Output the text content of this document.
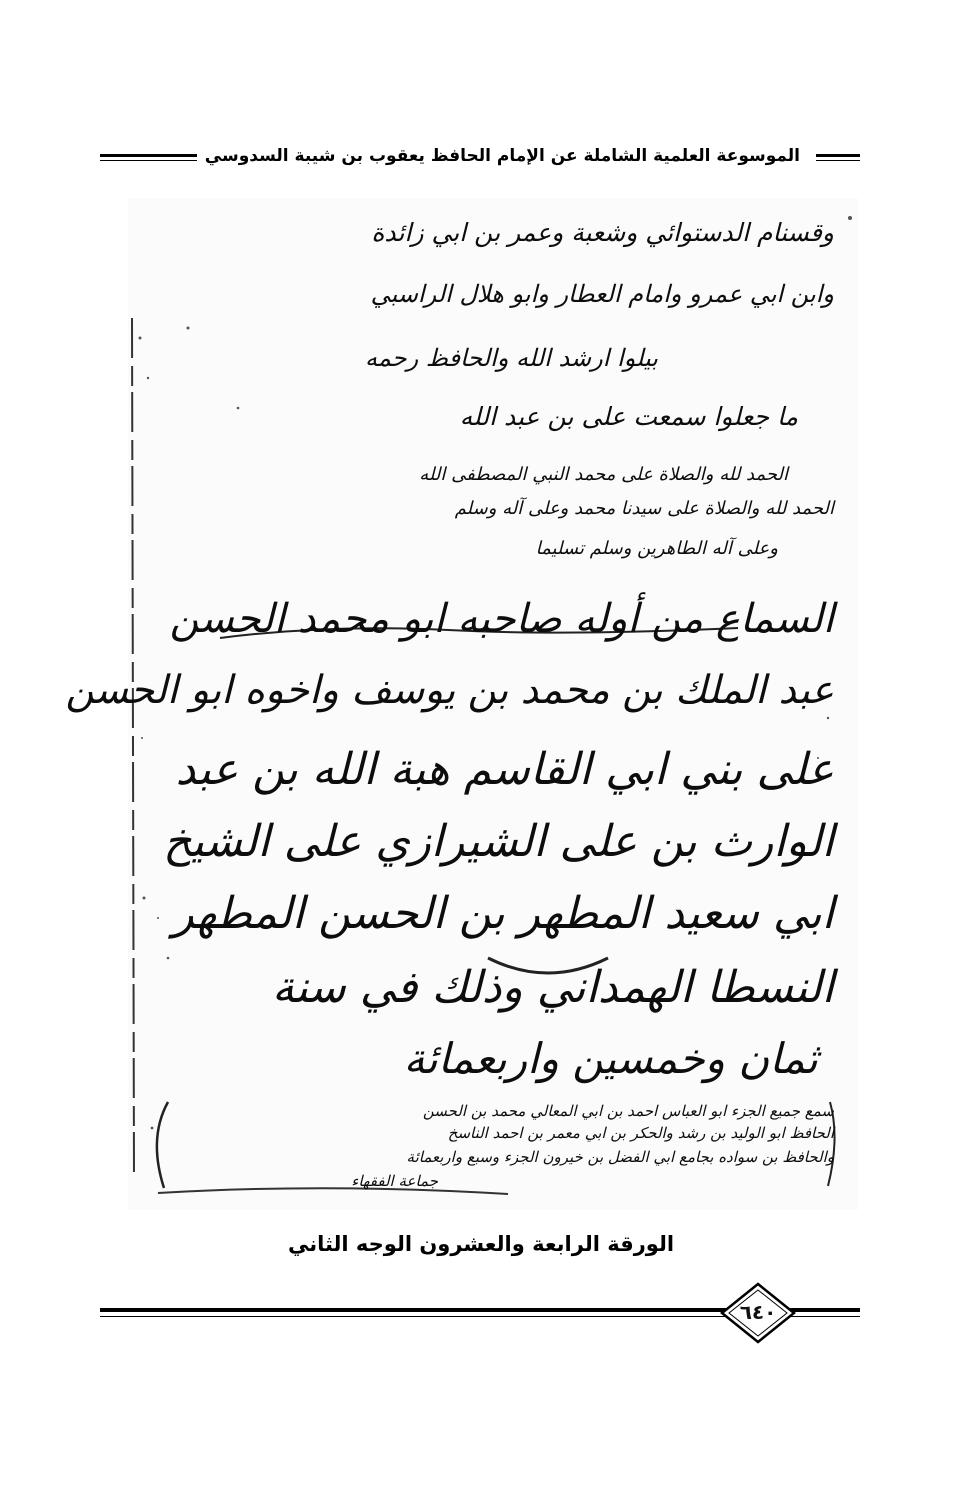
الموسوعة العلمية الشاملة عن الإمام الحافظ يعقوب بن شيبة السدوسي
وقسنام الدستوائي وشعبة وعمر بن ابي زائدة
وابن ابي عمرو وامام العطار وابو هلال الراسبي
بيلوا ارشد الله والحافظ رحمه
ما جعلوا سمعت على بن عبد الله
الحمد لله والصلاة على محمد النبي المصطفى الله
الحمد لله والصلاة على سيدنا محمد وعلى آله وسلم
وعلى آله الطاهرين وسلم تسليما
السماع من أوله صاحبه ابو محمد الحسن
عبد الملك بن محمد بن يوسف واخوه ابو الحسن
على بني ابي القاسم هبة الله بن عبد
الوارث بن على الشيرازي على الشيخ
ابي سعيد المطهر بن الحسن المطهر
النسطا الهمداني وذلك في سنة
ثمان وخمسين واربعمائة
سمع جميع الجزء ابو العباس احمد بن ابي المعالي محمد بن الحسن
الحافظ ابو الوليد بن رشد والحكر بن ابي معمر بن احمد الناسخ
والحافظ بن سواده بجامع ابي الفضل بن خيرون الجزء وسبع واربعمائة
جماعة الفقهاء
الورقة الرابعة والعشرون الوجه الثاني
٦٤٠
